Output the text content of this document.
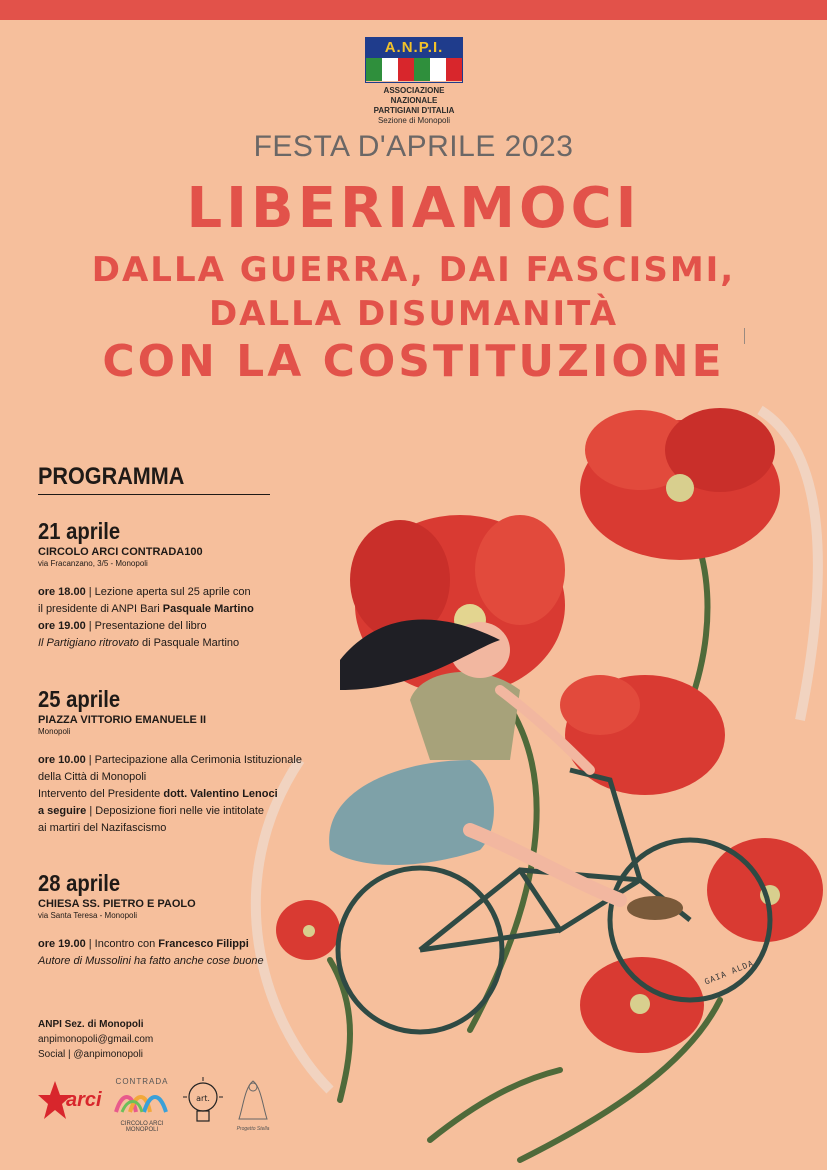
A.N.P.I.
ASSOCIAZIONE NAZIONALE
PARTIGIANI D'ITALIA
Sezione di Monopoli
FESTA D'APRILE 2023
LIBERIAMOCI
DALLA GUERRA, DAI FASCISMI,
DALLA DISUMANITÀ
CON LA COSTITUZIONE
GAIA ALDA
PROGRAMMA
21 aprile
CIRCOLO ARCI CONTRADA100
via Fracanzano, 3/5 - Monopoli
ore 18.00 | Lezione aperta sul 25 aprile con
il presidente di ANPI Bari Pasquale Martino
ore 19.00 | Presentazione del libro
Il Partigiano ritrovato di Pasquale Martino
25 aprile
PIAZZA VITTORIO EMANUELE II
Monopoli
ore 10.00 | Partecipazione alla Cerimonia Istituzionale
della Città di Monopoli
Intervento del Presidente dott. Valentino Lenoci
a seguire | Deposizione fiori nelle vie intitolate
ai martiri del Nazifascismo
28 aprile
CHIESA SS. PIETRO E PAOLO
via Santa Teresa - Monopoli
ore 19.00 | Incontro con Francesco Filippi
Autore di Mussolini ha fatto anche cose buone
ANPI Sez. di Monopoli
anpimonopoli@gmail.com
Social | @anpimonopoli
arci
CONTRADA
CIRCOLO ARCI MONOPOLI
art.
Progetto Stella
